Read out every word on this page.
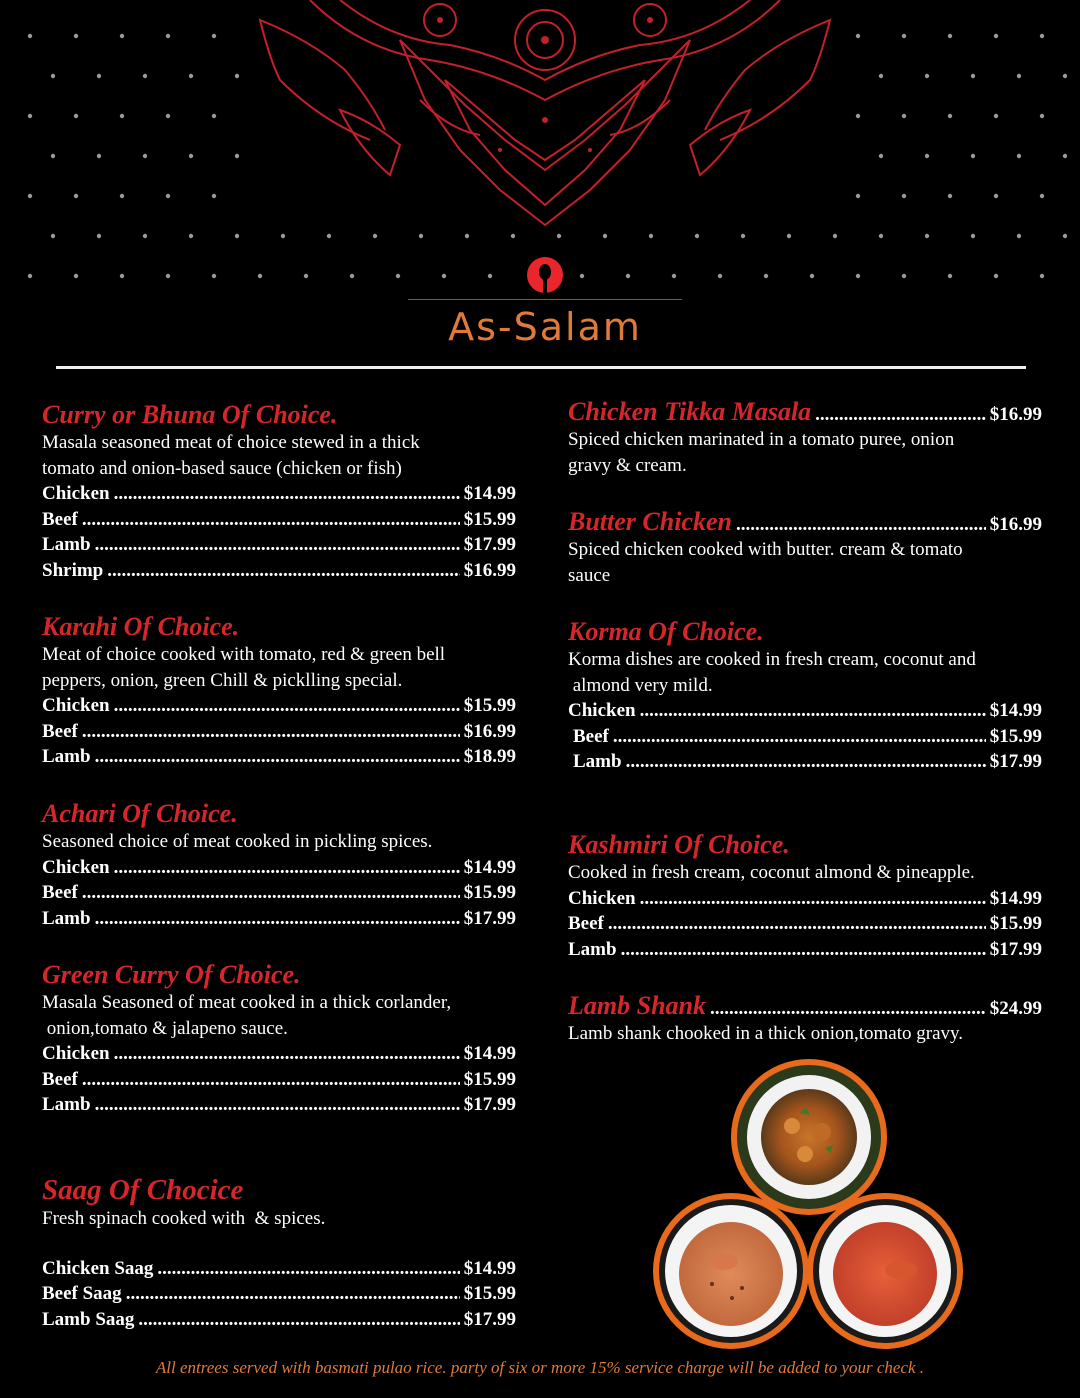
As-Salam
Curry or Bhuna Of Choice.
Masala seasoned meat of choice stewed in a thick
tomato and onion-based sauce (chicken or fish)
Chicken .....	$14.99
Beef .....	$15.99
Lamb .....	$17.99
Shrimp .....	$16.99
Karahi Of Choice.
Meat of choice cooked with tomato, red & green bell
peppers, onion, green Chill & picklling special.
Chicken .....	$15.99
Beef .....	$16.99
Lamb .....	$18.99
Achari Of Choice.
Seasoned choice of meat cooked in pickling spices.
Chicken .....	$14.99
Beef .....	$15.99
Lamb .....	$17.99
Green Curry Of Choice.
Masala Seasoned of meat cooked in a thick corlander,
onion,tomato & jalapeno sauce.
Chicken .....	$14.99
Beef .....	$15.99
Lamb .....	$17.99
Saag Of Chocice
Fresh spinach cooked with  & spices.
Chicken Saag .....	$14.99
Beef Saag .....	$15.99
Lamb Saag .....	$17.99
Chicken Tikka Masala .....	$16.99
Spiced chicken marinated in a tomato puree, onion
gravy & cream.
Butter Chicken .....	$16.99
Spiced chicken cooked with butter. cream & tomato
sauce
Korma Of Choice.
Korma dishes are cooked in fresh cream, coconut and
almond very mild.
Chicken .....	$14.99
Beef .....	$15.99
Lamb .....	$17.99
Kashmiri Of Choice.
Cooked in fresh cream, coconut almond & pineapple.
Chicken .....	$14.99
Beef .....	$15.99
Lamb .....	$17.99
Lamb Shank .....	$24.99
Lamb shank chooked in a thick onion,tomato gravy.
All entrees served with basmati pulao rice. party of six or more 15% service charge will be added to your check .
